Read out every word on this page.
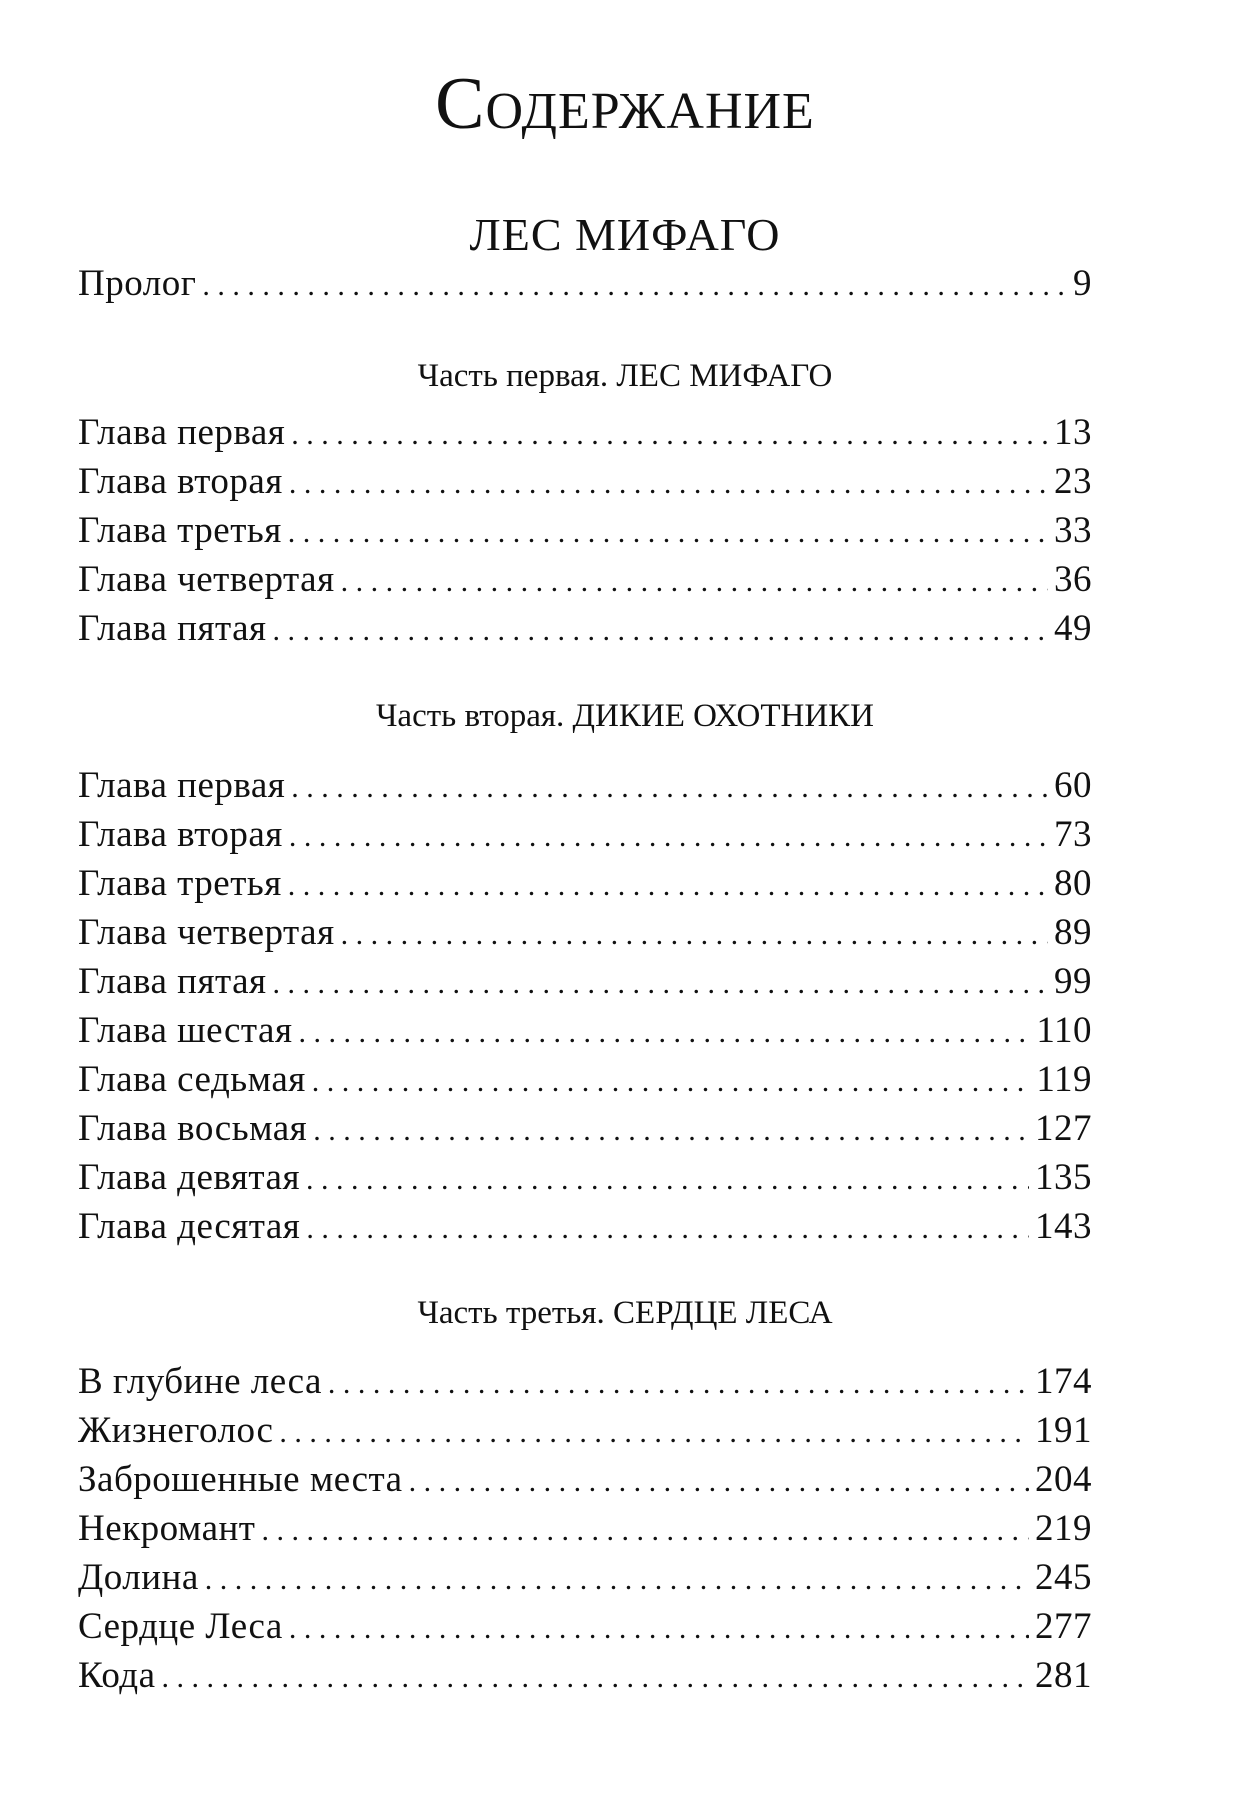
Содержание
ЛЕС МИФАГО
Пролог . . .	9
Часть первая. ЛЕС МИФАГО
Глава первая . . .	13
Глава вторая . . .	23
Глава третья . . .	33
Глава четвертая . . .	36
Глава пятая . . .	49
Часть вторая. ДИКИЕ ОХОТНИКИ
Глава первая . . .	60
Глава вторая . . .	73
Глава третья . . .	80
Глава четвертая . . .	89
Глава пятая . . .	99
Глава шестая . . .	110
Глава седьмая . . .	119
Глава восьмая . . .	127
Глава девятая . . .	135
Глава десятая . . .	143
Часть третья. СЕРДЦЕ ЛЕСА
В глубине леса . . .	174
Жизнеголос . . .	191
Заброшенные места . . .	204
Некромант . . .	219
Долина . . .	245
Сердце Леса . . .	277
Кода . . .	281
